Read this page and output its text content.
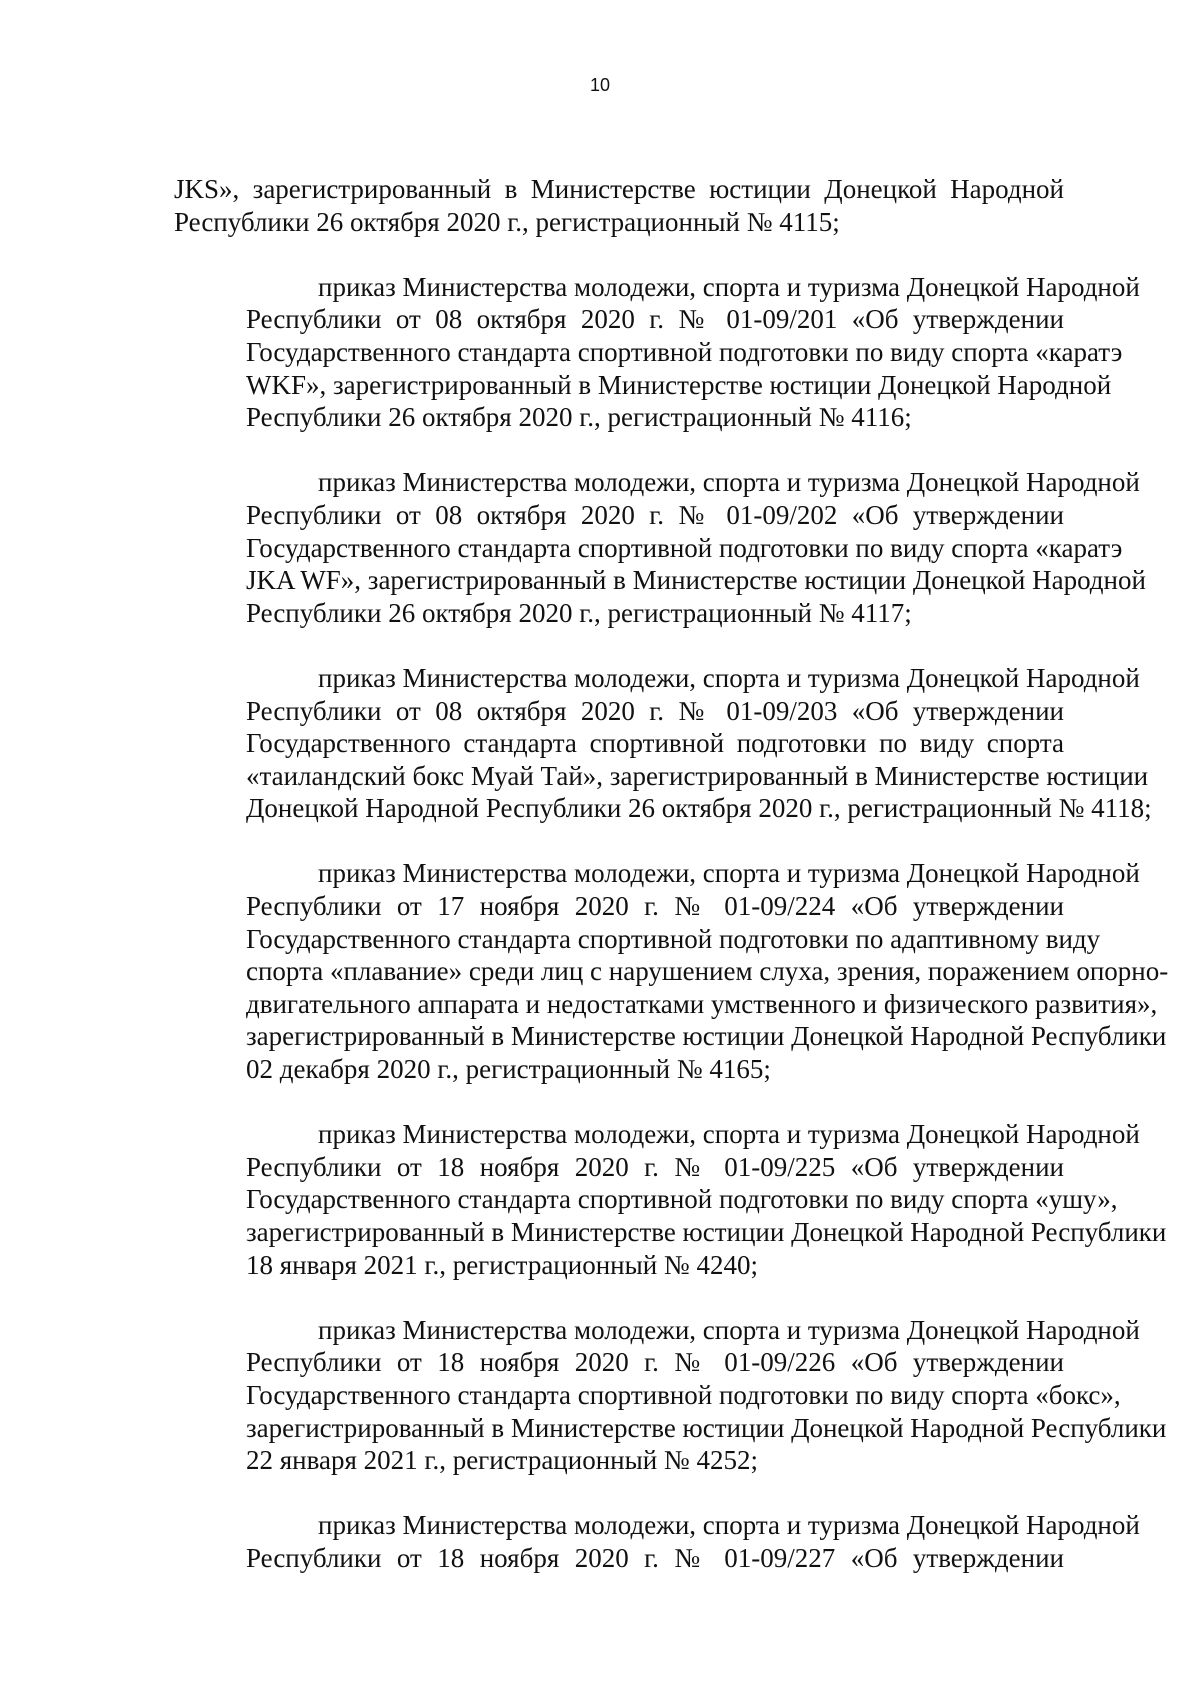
10
JKS», зарегистрированный в Министерстве юстиции Донецкой Народной
Республики 26 октября 2020 г., регистрационный № 4115;
приказ Министерства молодежи, спорта и туризма Донецкой Народной
Республики от 08 октября 2020 г. № 01-09/201 «Об утверждении
Государственного стандарта спортивной подготовки по виду спорта «каратэ
WKF», зарегистрированный в Министерстве юстиции Донецкой Народной
Республики 26 октября 2020 г., регистрационный № 4116;
приказ Министерства молодежи, спорта и туризма Донецкой Народной
Республики от 08 октября 2020 г. № 01-09/202 «Об утверждении
Государственного стандарта спортивной подготовки по виду спорта «каратэ
JKA WF», зарегистрированный в Министерстве юстиции Донецкой Народной
Республики 26 октября 2020 г., регистрационный № 4117;
приказ Министерства молодежи, спорта и туризма Донецкой Народной
Республики от 08 октября 2020 г. № 01-09/203 «Об утверждении
Государственного стандарта спортивной подготовки по виду спорта
«таиландский бокс Муай Тай», зарегистрированный в Министерстве юстиции
Донецкой Народной Республики 26 октября 2020 г., регистрационный № 4118;
приказ Министерства молодежи, спорта и туризма Донецкой Народной
Республики от 17 ноября 2020 г. № 01-09/224 «Об утверждении
Государственного стандарта спортивной подготовки по адаптивному виду
спорта «плавание» среди лиц с нарушением слуха, зрения, поражением опорно-
двигательного аппарата и недостатками умственного и физического развития»,
зарегистрированный в Министерстве юстиции Донецкой Народной Республики
02 декабря 2020 г., регистрационный № 4165;
приказ Министерства молодежи, спорта и туризма Донецкой Народной
Республики от 18 ноября 2020 г. № 01-09/225 «Об утверждении
Государственного стандарта спортивной подготовки по виду спорта «ушу»,
зарегистрированный в Министерстве юстиции Донецкой Народной Республики
18 января 2021 г., регистрационный № 4240;
приказ Министерства молодежи, спорта и туризма Донецкой Народной
Республики от 18 ноября 2020 г. № 01-09/226 «Об утверждении
Государственного стандарта спортивной подготовки по виду спорта «бокс»,
зарегистрированный в Министерстве юстиции Донецкой Народной Республики
22 января 2021 г., регистрационный № 4252;
приказ Министерства молодежи, спорта и туризма Донецкой Народной
Республики от 18 ноября 2020 г. № 01-09/227 «Об утверждении
